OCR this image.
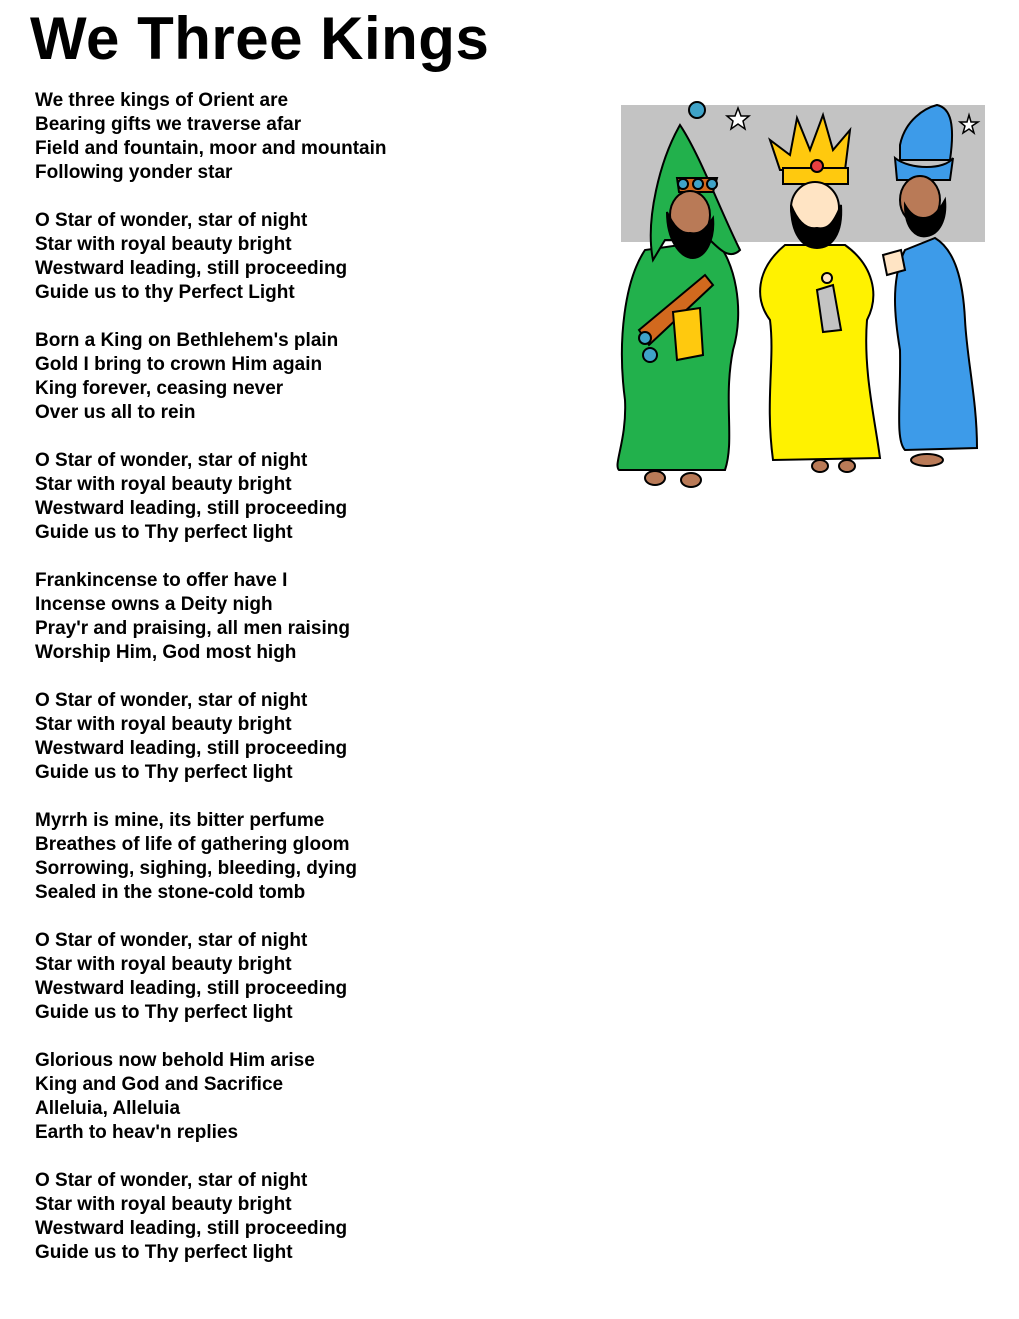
We Three Kings
We three kings of Orient are
Bearing gifts we traverse afar
Field and fountain, moor and mountain
Following yonder star
O Star of wonder, star of night
Star with royal beauty bright
Westward leading, still proceeding
Guide us to thy Perfect Light
Born a King on Bethlehem's plain
Gold I bring to crown Him again
King forever, ceasing never
Over us all to rein
O Star of wonder, star of night
Star with royal beauty bright
Westward leading, still proceeding
Guide us to Thy perfect light
Frankincense to offer have I
Incense owns a Deity nigh
Pray'r and praising, all men raising
Worship Him, God most high
O Star of wonder, star of night
Star with royal beauty bright
Westward leading, still proceeding
Guide us to Thy perfect light
Myrrh is mine, its bitter perfume
Breathes of life of gathering gloom
Sorrowing, sighing, bleeding, dying
Sealed in the stone-cold tomb
O Star of wonder, star of night
Star with royal beauty bright
Westward leading, still proceeding
Guide us to Thy perfect light
Glorious now behold Him arise
King and God and Sacrifice
Alleluia, Alleluia
Earth to heav'n replies
O Star of wonder, star of night
Star with royal beauty bright
Westward leading, still proceeding
Guide us to Thy perfect light
